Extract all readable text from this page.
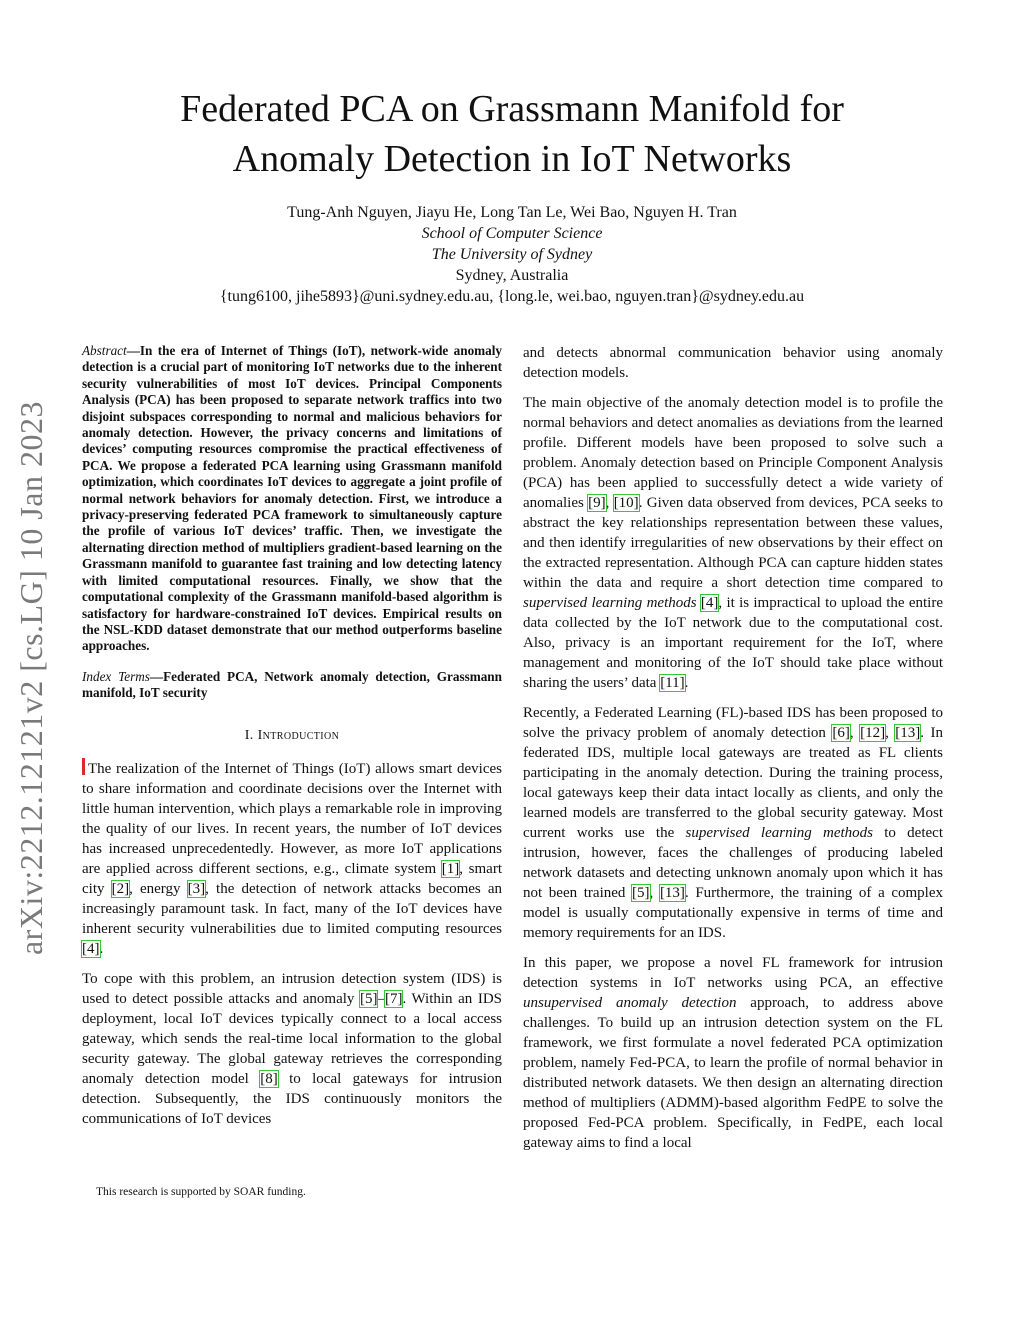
Federated PCA on Grassmann Manifold for
Anomaly Detection in IoT Networks
Tung-Anh Nguyen, Jiayu He, Long Tan Le, Wei Bao, Nguyen H. Tran
School of Computer Science
The University of Sydney
Sydney, Australia
{tung6100, jihe5893}@uni.sydney.edu.au, {long.le, wei.bao, nguyen.tran}@sydney.edu.au
arXiv:2212.12121v2 [cs.LG] 10 Jan 2023

Abstract—In the era of Internet of Things (IoT), network-wide anomaly detection is a crucial part of monitoring IoT networks due to the inherent security vulnerabilities of most IoT devices. Principal Components Analysis (PCA) has been proposed to separate network traffics into two disjoint subspaces corresponding to normal and malicious behaviors for anomaly detection. However, the privacy concerns and limitations of devices’ computing resources compromise the practical effectiveness of PCA. We propose a federated PCA learning using Grassmann manifold optimization, which coordinates IoT devices to aggregate a joint profile of normal network behaviors for anomaly detection. First, we introduce a privacy-preserving federated PCA framework to simultaneously capture the profile of various IoT devices’ traffic. Then, we investigate the alternating direction method of multipliers gradient-based learning on the Grassmann manifold to guarantee fast training and low detecting latency with limited computational resources. Finally, we show that the computational complexity of the Grassmann manifold-based algorithm is satisfactory for hardware-constrained IoT devices. Empirical results on the NSL-KDD dataset demonstrate that our method outperforms baseline approaches.

Index Terms—Federated PCA, Network anomaly detection, Grassmann manifold, IoT security

I. Introduction

The realization of the Internet of Things (IoT) allows smart devices to share information and coordinate decisions over the Internet with little human intervention, which plays a remarkable role in improving the quality of our lives. In recent years, the number of IoT devices has increased unprecedentedly. However, as more IoT applications are applied across different sections, e.g., climate system [1], smart city [2], energy [3], the detection of network attacks becomes an increasingly paramount task. In fact, many of the IoT devices have inherent security vulnerabilities due to limited computing resources [4].

To cope with this problem, an intrusion detection system (IDS) is used to detect possible attacks and anomaly [5]–[7]. Within an IDS deployment, local IoT devices typically connect to a local access gateway, which sends the real-time local information to the global security gateway. The global gateway retrieves the corresponding anomaly detection model [8] to local gateways for intrusion detection. Subsequently, the IDS continuously monitors the communications of IoT devices

This research is supported by SOAR funding.

and detects abnormal communication behavior using anomaly detection models.

The main objective of the anomaly detection model is to profile the normal behaviors and detect anomalies as deviations from the learned profile. Different models have been proposed to solve such a problem. Anomaly detection based on Principle Component Analysis (PCA) has been applied to successfully detect a wide variety of anomalies [9], [10]. Given data observed from devices, PCA seeks to abstract the key relationships representation between these values, and then identify irregularities of new observations by their effect on the extracted representation. Although PCA can capture hidden states within the data and require a short detection time compared to supervised learning methods [4], it is impractical to upload the entire data collected by the IoT network due to the computational cost. Also, privacy is an important requirement for the IoT, where management and monitoring of the IoT should take place without sharing the users’ data [11].

Recently, a Federated Learning (FL)-based IDS has been proposed to solve the privacy problem of anomaly detection [6], [12], [13]. In federated IDS, multiple local gateways are treated as FL clients participating in the anomaly detection. During the training process, local gateways keep their data intact locally as clients, and only the learned models are transferred to the global security gateway. Most current works use the supervised learning methods to detect intrusion, however, faces the challenges of producing labeled network datasets and detecting unknown anomaly upon which it has not been trained [5], [13]. Furthermore, the training of a complex model is usually computationally expensive in terms of time and memory requirements for an IDS.

In this paper, we propose a novel FL framework for intrusion detection systems in IoT networks using PCA, an effective unsupervised anomaly detection approach, to address above challenges. To build up an intrusion detection system on the FL framework, we first formulate a novel federated PCA optimization problem, namely Fed-PCA, to learn the profile of normal behavior in distributed network datasets. We then design an alternating direction method of multipliers (ADMM)-based algorithm FedPE to solve the proposed Fed-PCA problem. Specifically, in FedPE, each local gateway aims to find a local
